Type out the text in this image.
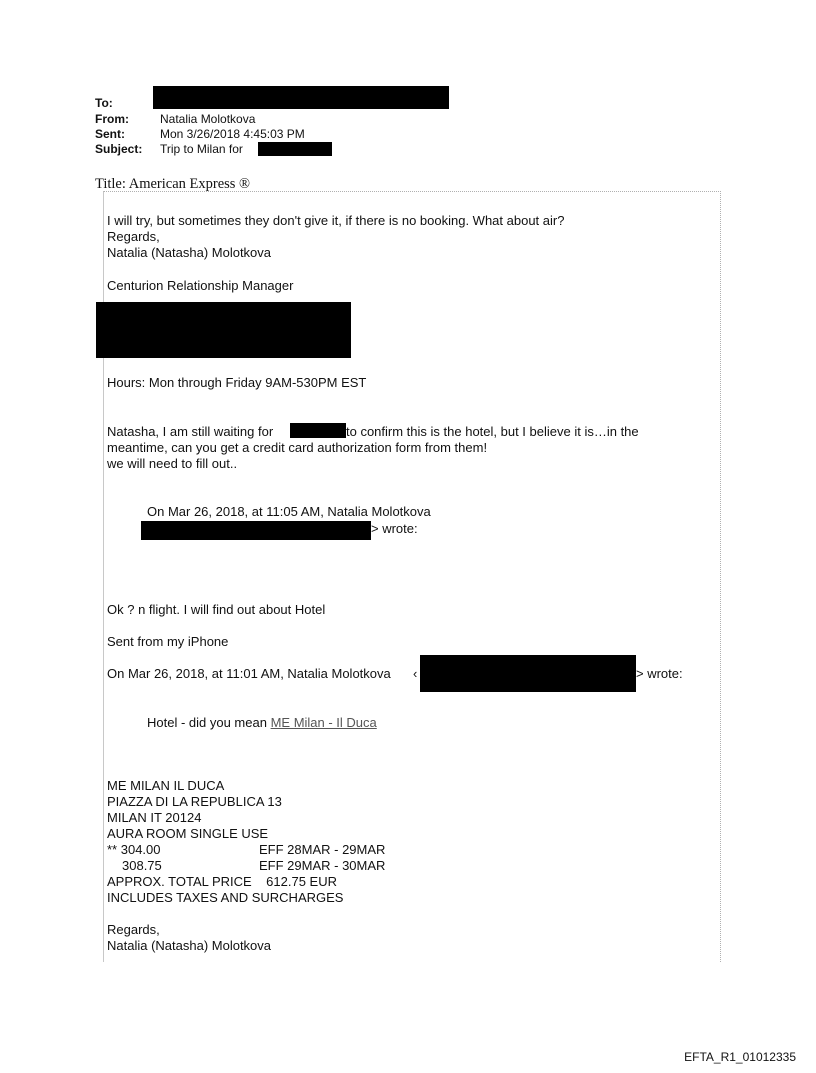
To:
From:	Natalia Molotkova
Sent:	Mon 3/26/2018 4:45:03 PM
Subject: Trip to Milan for
Title: American Express ®
I will try, but sometimes they don't give it, if there is no booking. What about air?
Regards,
Natalia (Natasha) Molotkova
Centurion Relationship Manager
Hours: Mon through Friday 9AM-530PM EST
Natasha, I am still waiting for	to confirm this is the hotel, but I believe it is…in the
meantime, can you get a credit card authorization form from them!
we will need to fill out..
On Mar 26, 2018, at 11:05 AM, Natalia Molotkova
> wrote:
Ok ? n flight. I will find out about Hotel
Sent from my iPhone
On Mar 26, 2018, at 11:01 AM, Natalia Molotkova ‹	> wrote:
Hotel - did you mean ME Milan - Il Duca
ME MILAN IL DUCA
PIAZZA DI LA REPUBLICA 13
MILAN IT 20124
AURA ROOM SINGLE USE
** 304.00	EFF 28MAR - 29MAR
308.75	EFF 29MAR - 30MAR
APPROX. TOTAL PRICE    612.75 EUR
INCLUDES TAXES AND SURCHARGES
Regards,
Natalia (Natasha) Molotkova
EFTA_R1_01012335
